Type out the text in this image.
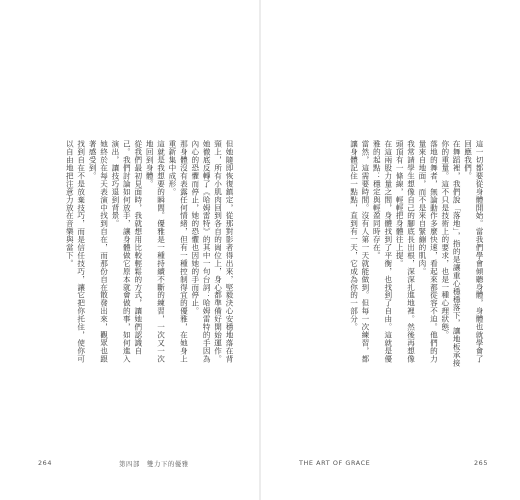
但她隨即恢復鎮定，從那對影者得出來，堅毅決心安穩地落在背頸上，所有小肌肉回到各自的崗位上，身心都準備好開始運作。她徹底反轉了《哈姆雷特》的其中一句台詞：哈姆雷特的手因為內心的恐懼而停止，她的恐懼也因她的手而停止。
那身體沒有表露任何情緒，但有一種控制得宜的優雅，在她身上重新集中成形。
這就是我想要的瞬間。優雅是一種持續不斷的練習，一次又一次地回到身體。
從我們最初見面時，我就想用比較輕鬆的方式，讓她們認識自己。我們討論如何放手，讓身體做它原本就會做的事，如何進入演出，讓技巧退到背景。
她終於在每天表演中找到自在，而那份自在散發出來，觀眾也跟著感受到。
找到自在不是放棄技巧，而是信任技巧，讓它把你托住，使你可以自由地把注意力放在音樂與當下。
264	第四部　雙力下的優雅
這一切都要從身體開始。當我們學會傾聽身體，身體也就學會了回應我們。
在舞蹈裡，我們說「落地」，指的是讓重心穩穩落下，讓地板承接你的重量。這不只是技術上的要求，也是一種心理狀態。
落地的舞者，無論動作多麼快速，看起來都從容不迫。他們的力量來自地面，而不是來自緊繃的肌肉。
我常請學生想像自己的腳底長出根，深深扎進地裡。然後再想像頭頂有一條線，輕輕把身體往上提。
在這兩股力量之間，身體找到了平衡，也找到了自由。這就是優雅的起點：穩定與輕盈同時存在。
當然，這需要時間。沒有人第一天就能做到。但每一次練習，都讓身體記住一點點，直到有一天，它成為你的一部分。
THE ART OF GRACE	265
